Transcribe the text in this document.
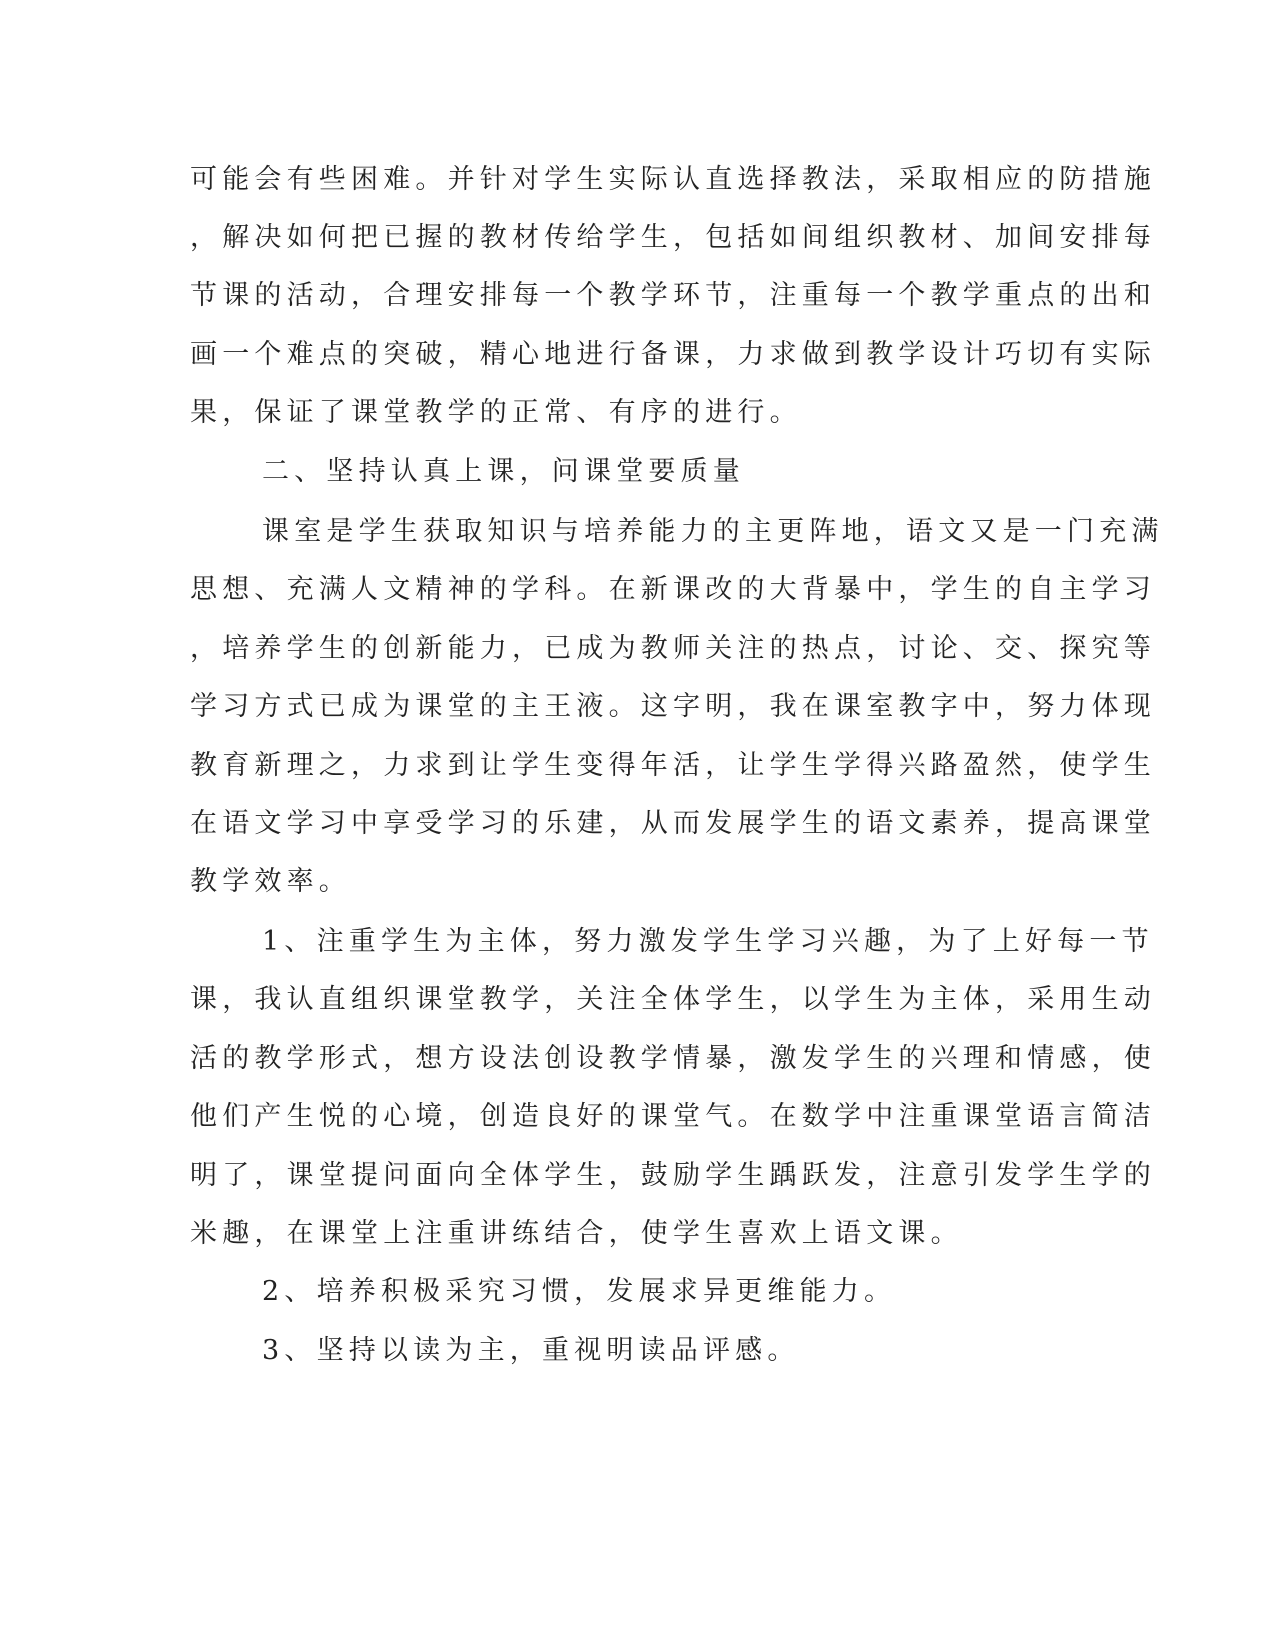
可能会有些困难。并针对学生实际认直选择教法，采取相应的防措施
，解决如何把已握的教材传给学生，包括如间组织教材、加间安排每
节课的活动，合理安排每一个教学环节，注重每一个教学重点的出和
画一个难点的突破，精心地进行备课，力求做到教学设计巧切有实际
果，保证了课堂教学的正常、有序的进行。
二、坚持认真上课，问课堂要质量
课室是学生获取知识与培养能力的主更阵地，语文又是一门充满
思想、充满人文精神的学科。在新课改的大背暴中，学生的自主学习
，培养学生的创新能力，已成为教师关注的热点，讨论、交、探究等
学习方式已成为课堂的主王液。这字明，我在课室教字中，努力体现
教育新理之，力求到让学生变得年活，让学生学得兴路盈然，使学生
在语文学习中享受学习的乐建，从而发展学生的语文素养，提高课堂
教学效率。
1、注重学生为主体，努力激发学生学习兴趣，为了上好每一节
课，我认直组织课堂教学，关注全体学生，以学生为主体，采用生动
活的教学形式，想方设法创设教学情暴，激发学生的兴理和情感，使
他们产生悦的心境，创造良好的课堂气。在数学中注重课堂语言简洁
明了，课堂提问面向全体学生，鼓励学生踽跃发，注意引发学生学的
米趣，在课堂上注重讲练结合，使学生喜欢上语文课。
2、培养积极采究习惯，发展求异更维能力。
3、坚持以读为主，重视明读品评感。
